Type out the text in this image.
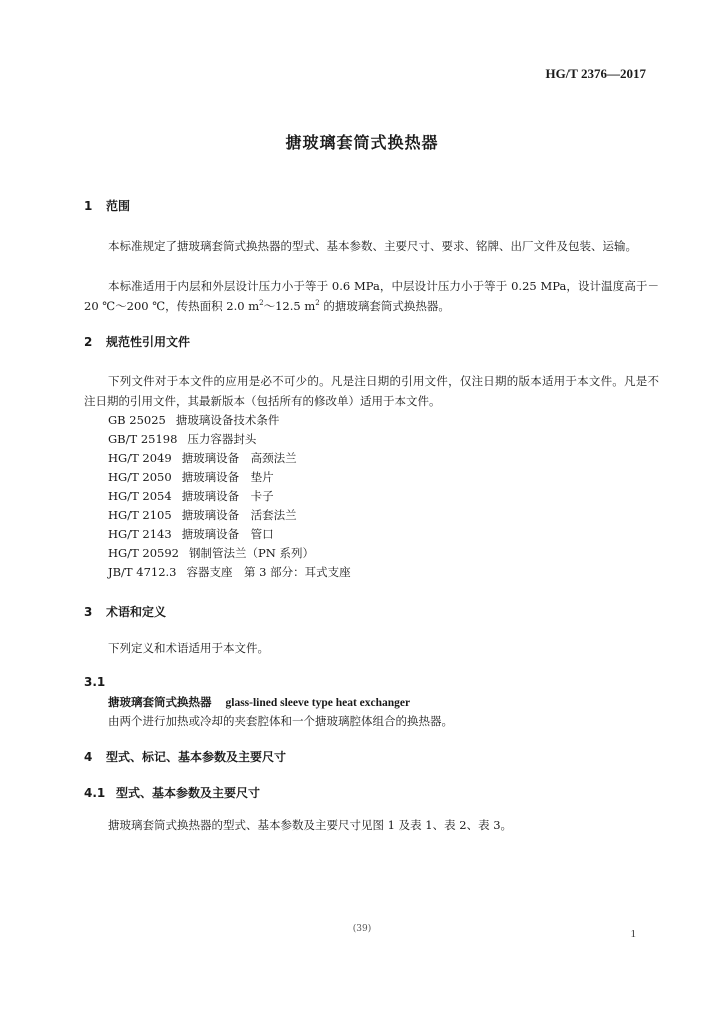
HG/T 2376—2017
搪玻璃套筒式换热器
1 范围
本标准规定了搪玻璃套筒式换热器的型式、基本参数、主要尺寸、要求、铭牌、出厂文件及包装、运输。
本标准适用于内层和外层设计压力小于等于 0.6 MPa，中层设计压力小于等于 0.25 MPa，设计温度高于－20 ℃～200 ℃，传热面积 2.0 $m^2\sim 12.5$ $m^2$ 的搪玻璃套筒式换热器。
2 规范性引用文件
下列文件对于本文件的应用是必不可少的。凡是注日期的引用文件，仅注日期的版本适用于本文件。凡是不注日期的引用文件，其最新版本（包括所有的修改单）适用于本文件。
GB 25025 搪玻璃设备技术条件
GB/T 25198 压力容器封头
HG/T 2049 搪玻璃设备　高颈法兰
HG/T 2050 搪玻璃设备　垫片
HG/T 2054 搪玻璃设备　卡子
HG/T 2105 搪玻璃设备　活套法兰
HG/T 2143 搪玻璃设备　管口
HG/T 20592 钢制管法兰（PN 系列）
JB/T 4712.3 容器支座　第 3 部分：耳式支座
3 术语和定义
下列定义和术语适用于本文件。
3.1
搪玻璃套筒式换热器 glass-lined sleeve type heat exchanger
由两个进行加热或冷却的夹套腔体和一个搪玻璃腔体组合的换热器。
4 型式、标记、基本参数及主要尺寸
4.1 型式、基本参数及主要尺寸
搪玻璃套筒式换热器的型式、基本参数及主要尺寸见图 1 及表 1、表 2、表 3。
(39)	1
